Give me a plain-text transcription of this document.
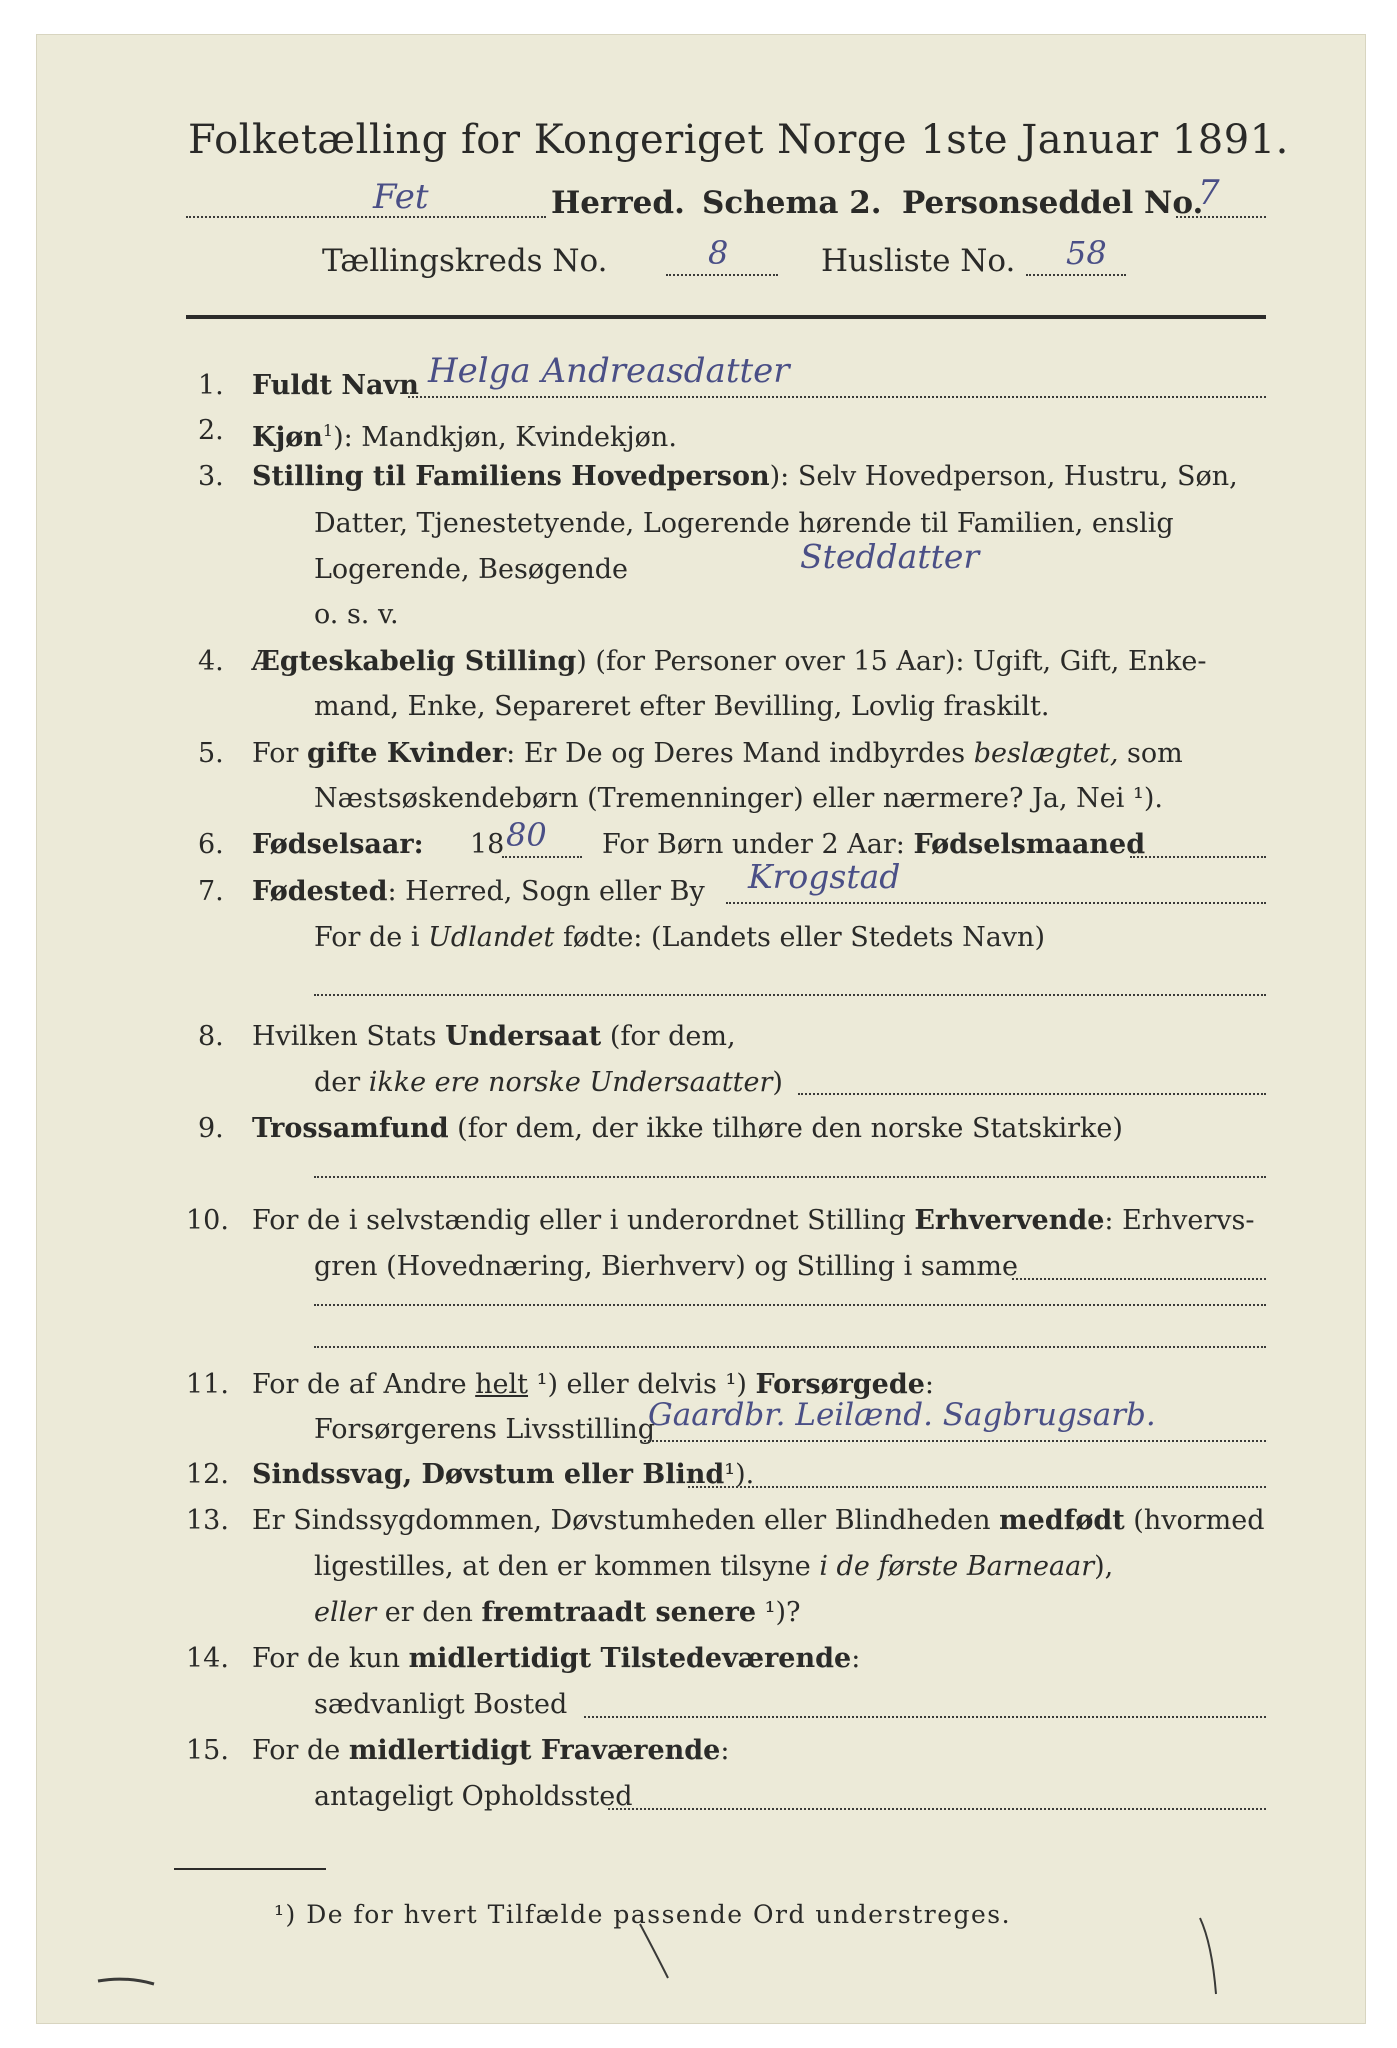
Folketælling for Kongeriget Norge 1ste Januar 1891.
Fet	Herred. Schema 2. Personseddel No.
7
Tællingskreds No.	8	Husliste No. 58
1. Fuldt Navn Helga Andreasdatter
2. Kjøn$^1$): Mandkjøn, Kvindekjøn.
3. Stilling til Familiens Hovedperson): Selv Hovedperson, Hustru, Søn,
Datter, Tjenestetyende, Logerende hørende til Familien, enslig
Logerende, Besøgende	Steddatter
o. s. v.
4. Ægteskabelig Stilling) (for Personer over 15 Aar): Ugift, Gift, Enke-
mand, Enke, Separeret efter Bevilling, Lovlig fraskilt.
5. For gifte Kvinder: Er De og Deres Mand indbyrdes beslægtet, som
Næstsøskendebørn (Tremenninger) eller nærmere? Ja, Nei ¹).
6. Fødselsaar: 18 80 For Børn under 2 Aar: Fødselsmaaned
7. Fødested: Herred, Sogn eller By Krogstad
For de i Udlandet fødte: (Landets eller Stedets Navn)
8. Hvilken Stats Undersaat (for dem,
der ikke ere norske Undersaatter)
9. Trossamfund (for dem, der ikke tilhøre den norske Statskirke)
10. For de i selvstændig eller i underordnet Stilling Erhvervende: Erhvervs-
gren (Hovednæring, Bierhverv) og Stilling i samme
11. For de af Andre helt ¹) eller delvis ¹) Forsørgede:
Forsørgerens Livsstilling
Gaardbr. Leilænd. Sagbrugsarb.
12. Sindssvag, Døvstum eller Blind¹).
13. Er Sindssygdommen, Døvstumheden eller Blindheden medfødt (hvormed
ligestilles, at den er kommen tilsyne i de første Barneaar),
eller er den fremtraadt senere ¹)?
14. For de kun midlertidigt Tilstedeværende:
sædvanligt Bosted
15. For de midlertidigt Fraværende:
antageligt Opholdssted
¹) De for hvert Tilfælde passende Ord understreges.
